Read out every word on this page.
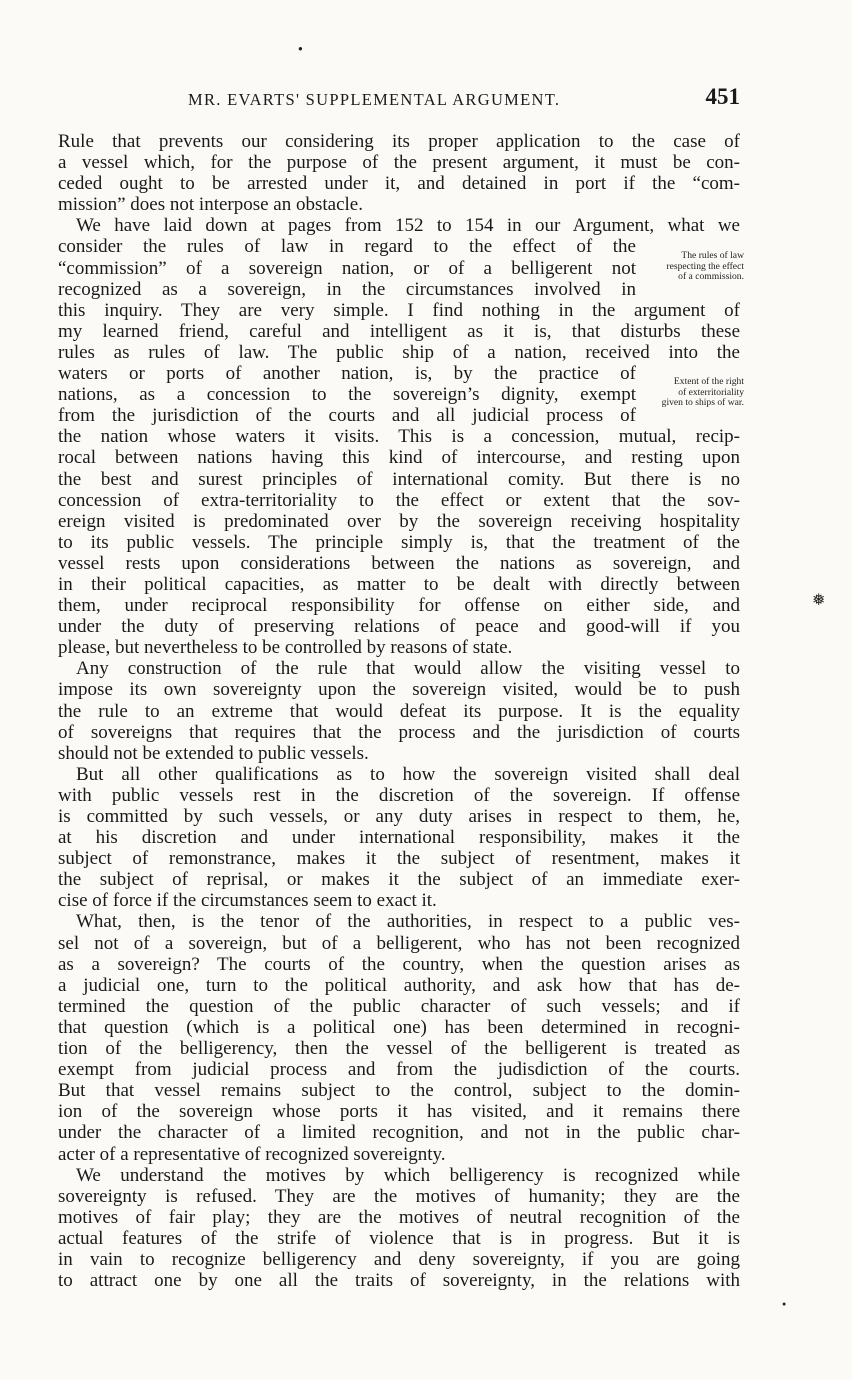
MR. EVARTS' SUPPLEMENTAL ARGUMENT.	451
Rule that prevents our considering its proper application to the case of
a vessel which, for the purpose of the present argument, it must be con-
ceded ought to be arrested under it, and detained in port if the “com-
mission” does not interpose an obstacle.
We have laid down at pages from 152 to 154 in our Argument, what we
consider the rules of law in regard to the effect of the
“commission” of a sovereign nation, or of a belligerent not
recognized as a sovereign, in the circumstances involved in
this inquiry. They are very simple. I find nothing in the argument of
my learned friend, careful and intelligent as it is, that disturbs these
rules as rules of law. The public ship of a nation, received into the
waters or ports of another nation, is, by the practice of
nations, as a concession to the sovereign’s dignity, exempt
from the jurisdiction of the courts and all judicial process of
the nation whose waters it visits. This is a concession, mutual, recip-
rocal between nations having this kind of intercourse, and resting upon
the best and surest principles of international comity. But there is no
concession of extra-territoriality to the effect or extent that the sov-
ereign visited is predominated over by the sovereign receiving hospitality
to its public vessels. The principle simply is, that the treatment of the
vessel rests upon considerations between the nations as sovereign, and
in their political capacities, as matter to be dealt with directly between
them, under reciprocal responsibility for offense on either side, and
under the duty of preserving relations of peace and good-will if you
please, but nevertheless to be controlled by reasons of state.
Any construction of the rule that would allow the visiting vessel to
impose its own sovereignty upon the sovereign visited, would be to push
the rule to an extreme that would defeat its purpose. It is the equality
of sovereigns that requires that the process and the jurisdiction of courts
should not be extended to public vessels.
But all other qualifications as to how the sovereign visited shall deal
with public vessels rest in the discretion of the sovereign. If offense
is committed by such vessels, or any duty arises in respect to them, he,
at his discretion and under international responsibility, makes it the
subject of remonstrance, makes it the subject of resentment, makes it
the subject of reprisal, or makes it the subject of an immediate exer-
cise of force if the circumstances seem to exact it.
What, then, is the tenor of the authorities, in respect to a public ves-
sel not of a sovereign, but of a belligerent, who has not been recognized
as a sovereign? The courts of the country, when the question arises as
a judicial one, turn to the political authority, and ask how that has de-
termined the question of the public character of such vessels; and if
that question (which is a political one) has been determined in recogni-
tion of the belligerency, then the vessel of the belligerent is treated as
exempt from judicial process and from the judisdiction of the courts.
But that vessel remains subject to the control, subject to the domin-
ion of the sovereign whose ports it has visited, and it remains there
under the character of a limited recognition, and not in the public char-
acter of a representative of recognized sovereignty.
We understand the motives by which belligerency is recognized while
sovereignty is refused. They are the motives of humanity; they are the
motives of fair play; they are the motives of neutral recognition of the
actual features of the strife of violence that is in progress. But it is
in vain to recognize belligerency and deny sovereignty, if you are going
to attract one by one all the traits of sovereignty, in the relations with
The rules of law
respecting the effect
of a commission.
Extent of the right
of exterritoriality
given to ships of war.
●
❅
●
